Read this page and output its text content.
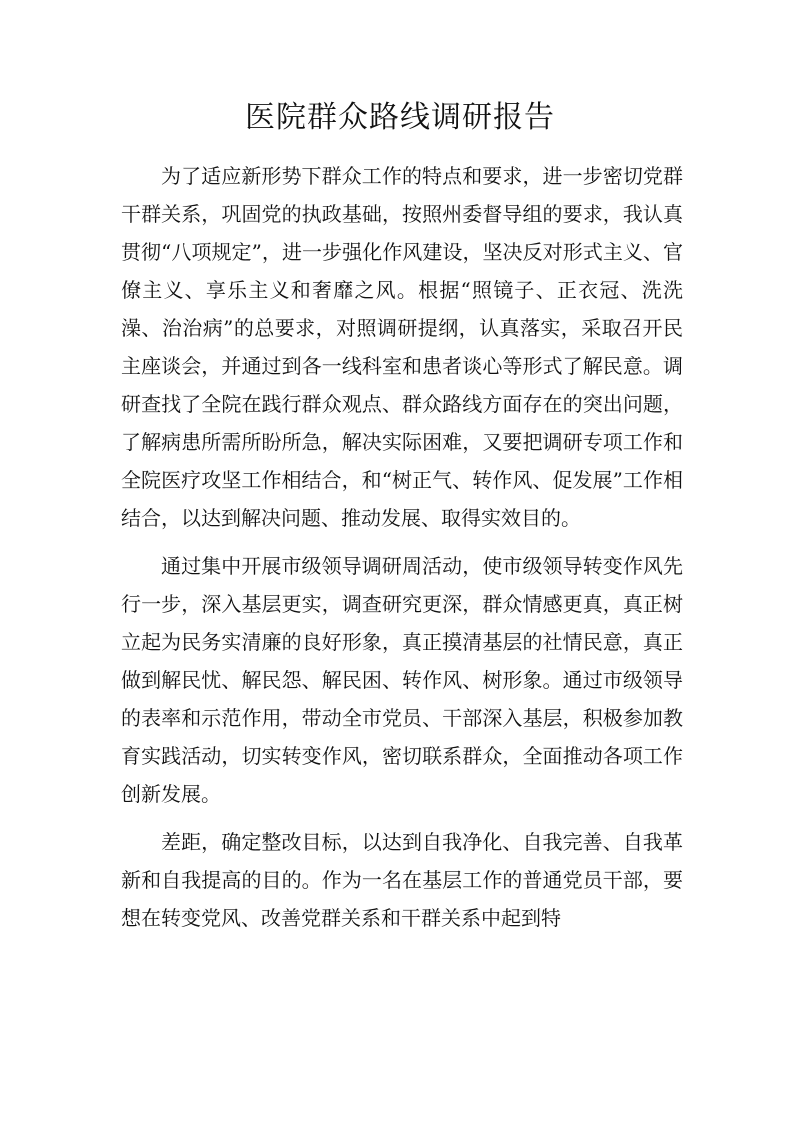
医院群众路线调研报告

为了适应新形势下群众工作的特点和要求，进一步密切党群干群关系，巩固党的执政基础，按照州委督导组的要求，我认真贯彻“八项规定”，进一步强化作风建设，坚决反对形式主义、官僚主义、享乐主义和奢靡之风。根据“照镜子、正衣冠、洗洗澡、治治病”的总要求，对照调研提纲，认真落实，采取召开民主座谈会，并通过到各一线科室和患者谈心等形式了解民意。调研查找了全院在践行群众观点、群众路线方面存在的突出问题，了解病患所需所盼所急，解决实际困难，又要把调研专项工作和全院医疗攻坚工作相结合，和“树正气、转作风、促发展”工作相结合，以达到解决问题、推动发展、取得实效目的。

通过集中开展市级领导调研周活动，使市级领导转变作风先行一步，深入基层更实，调查研究更深，群众情感更真，真正树立起为民务实清廉的良好形象，真正摸清基层的社情民意，真正做到解民忧、解民怨、解民困、转作风、树形象。通过市级领导的表率和示范作用，带动全市党员、干部深入基层，积极参加教育实践活动，切实转变作风，密切联系群众，全面推动各项工作创新发展。

差距，确定整改目标，以达到自我净化、自我完善、自我革新和自我提高的目的。作为一名在基层工作的普通党员干部，要想在转变党风、改善党群关系和干群关系中起到特
